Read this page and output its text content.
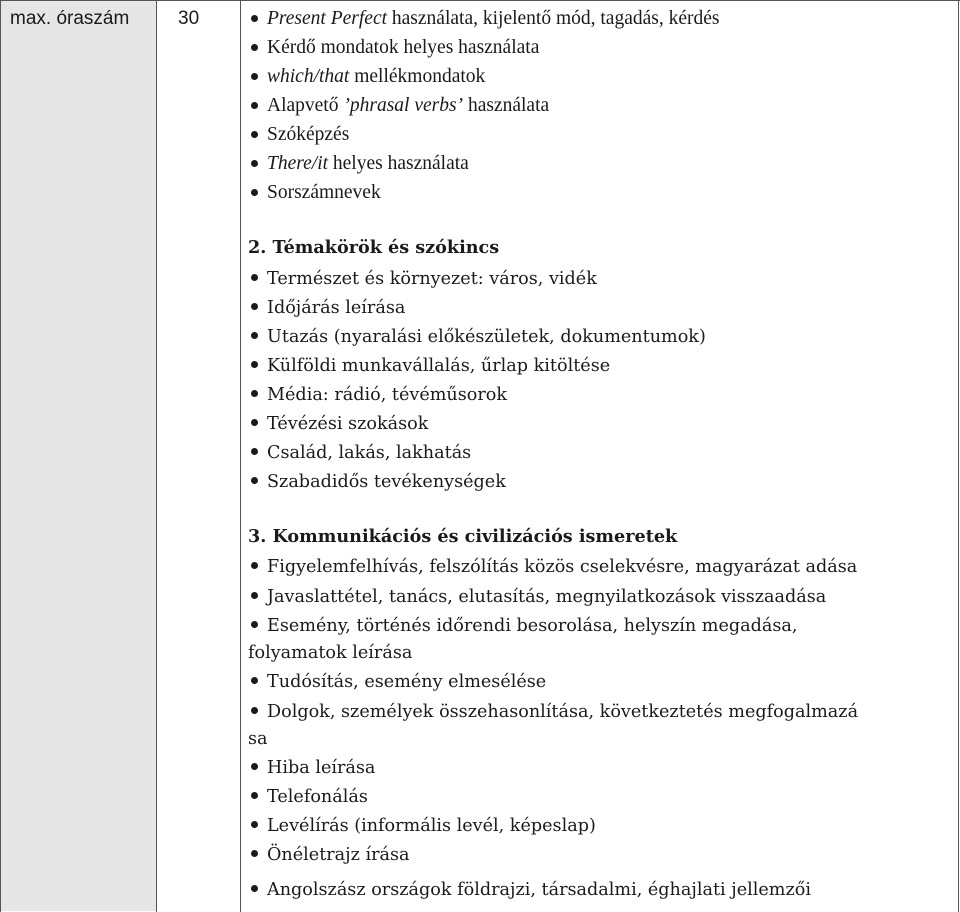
max. óraszám	30	Present Perfect használata, kijelentő mód, tagadás, kérdés
Kérdő mondatok helyes használata
which/that mellékmondatok
Alapvető ’phrasal verbs’ használata
Szóképzés
There/it helyes használata
Sorszámnevek
2. Témakörök és szókincs
Természet és környezet: város, vidék
Időjárás leírása
Utazás (nyaralási előkészületek, dokumentumok)
Külföldi munkavállalás, űrlap kitöltése
Média: rádió, tévéműsorok
Tévézési szokások
Család, lakás, lakhatás
Szabadidős tevékenységek
3. Kommunikációs és civilizációs ismeretek
Figyelemfelhívás, felszólítás közös cselekvésre, magyarázat adása
Javaslattétel, tanács, elutasítás, megnyilatkozások visszaadása
Esemény, történés időrendi besorolása, helyszín megadása,
folyamatok leírása
Tudósítás, esemény elmesélése
Dolgok, személyek összehasonlítása, következtetés megfogalmazá
sa
Hiba leírása
Telefonálás
Levélírás (informális levél, képeslap)
Önéletrajz írása
Angolszász országok földrajzi, társadalmi, éghajlati jellemzői
